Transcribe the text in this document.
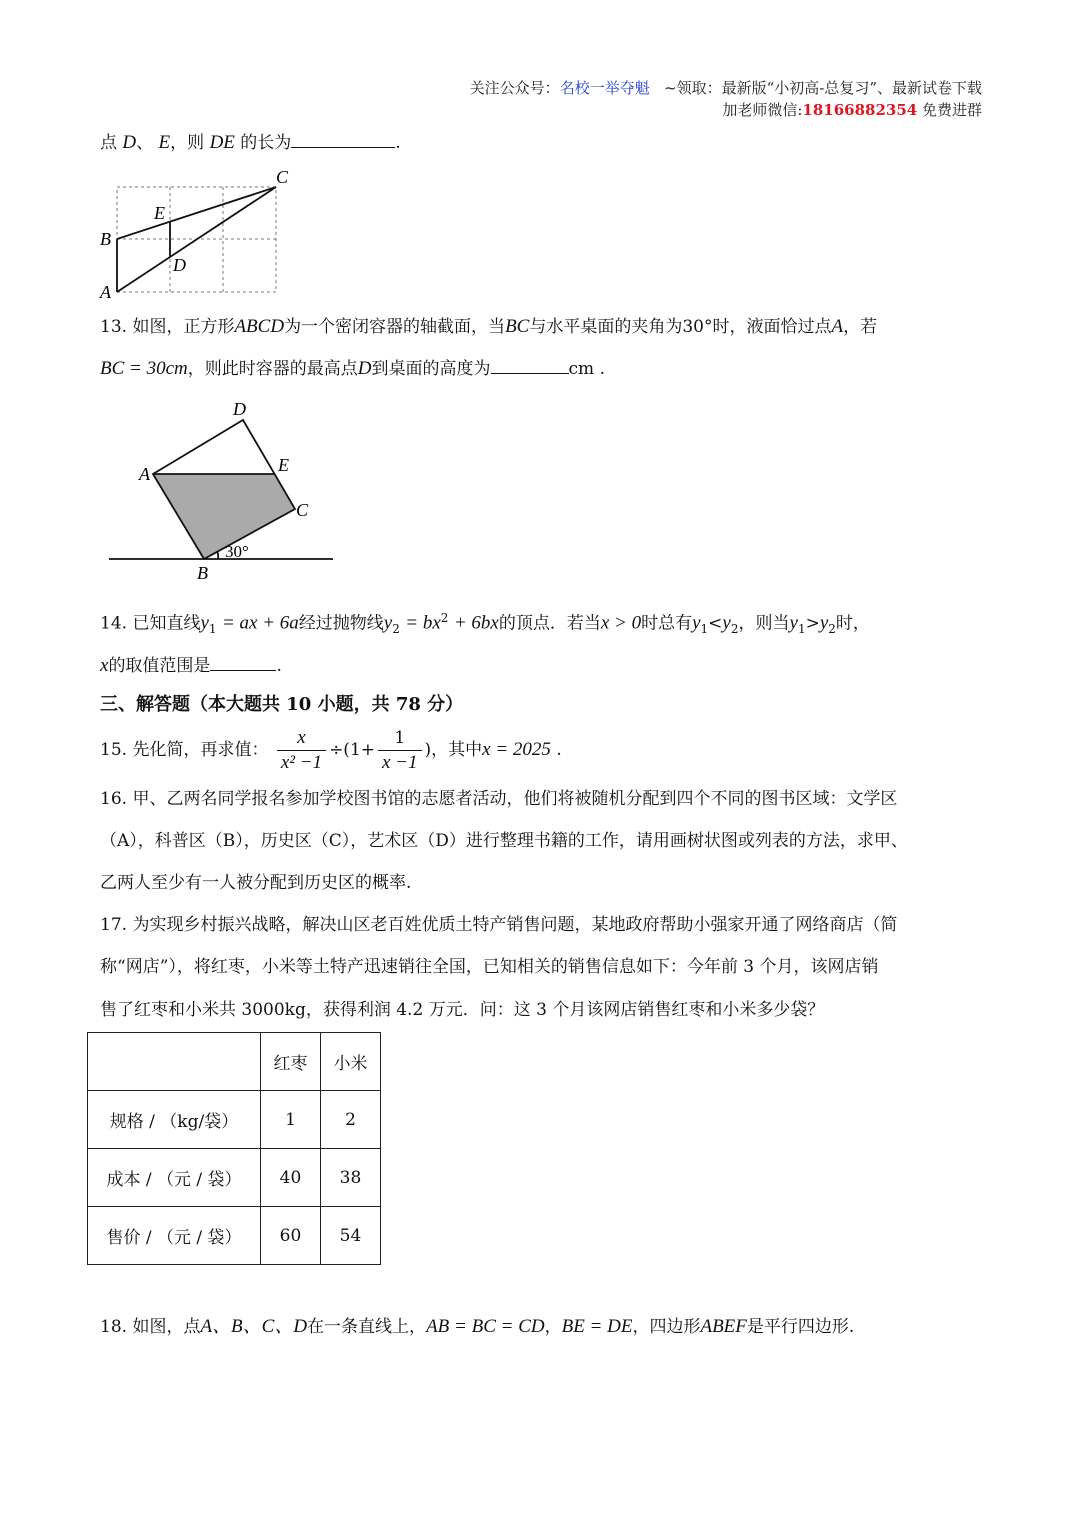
关注公众号：名校一举夺魁 ~领取：最新版“小初高-总复习”、最新试卷下载
加老师微信:18166882354 免费进群
点 D、 E，则 DE 的长为	.
C
E
B
D
A
13. 如图，正方形ABCD为一个密闭容器的轴截面，当BC与水平桌面的夹角为30°时，液面恰过点A，若
BC = 30cm，则此时容器的最高点D到桌面的高度为	cm .
D
A	E
C
B
30°
14. 已知直线$y_1$ = ax + 6a经过抛物线$y_2 = bx^2 + 6bx$的顶点．若当x > 0时总有$y_1<y_2$，则当$y_1>y_2$时，
x的取值范围是	.
三、解答题（本大题共 10 小题，共 78 分）
15. 先化简，再求值： $\frac{x}{\text{x² −1}} \div(1+ \frac{1}{x -1}$ )，其中x = 2025 .
16. 甲、乙两名同学报名参加学校图书馆的志愿者活动，他们将被随机分配到四个不同的图书区域：文学区
（A），科普区（B），历史区（C），艺术区（D）进行整理书籍的工作，请用画树状图或列表的方法，求甲、
乙两人至少有一人被分配到历史区的概率.
17. 为实现乡村振兴战略，解决山区老百姓优质土特产销售问题，某地政府帮助小强家开通了网络商店（简
称“网店”），将红枣，小米等土特产迅速销往全国，已知相关的销售信息如下：今年前 3 个月，该网店销
售了红枣和小米共 3000kg，获得利润 4.2 万元．问：这 3 个月该网店销售红枣和小米多少袋？
	红枣	小米
规格 / （kg/袋）	1	2
成本 / （元 / 袋）	40	38
售价 / （元 / 袋）	60	54
18. 如图，点A、B、C、D在一条直线上，AB = BC = CD，BE = DE，四边形ABEF是平行四边形.
